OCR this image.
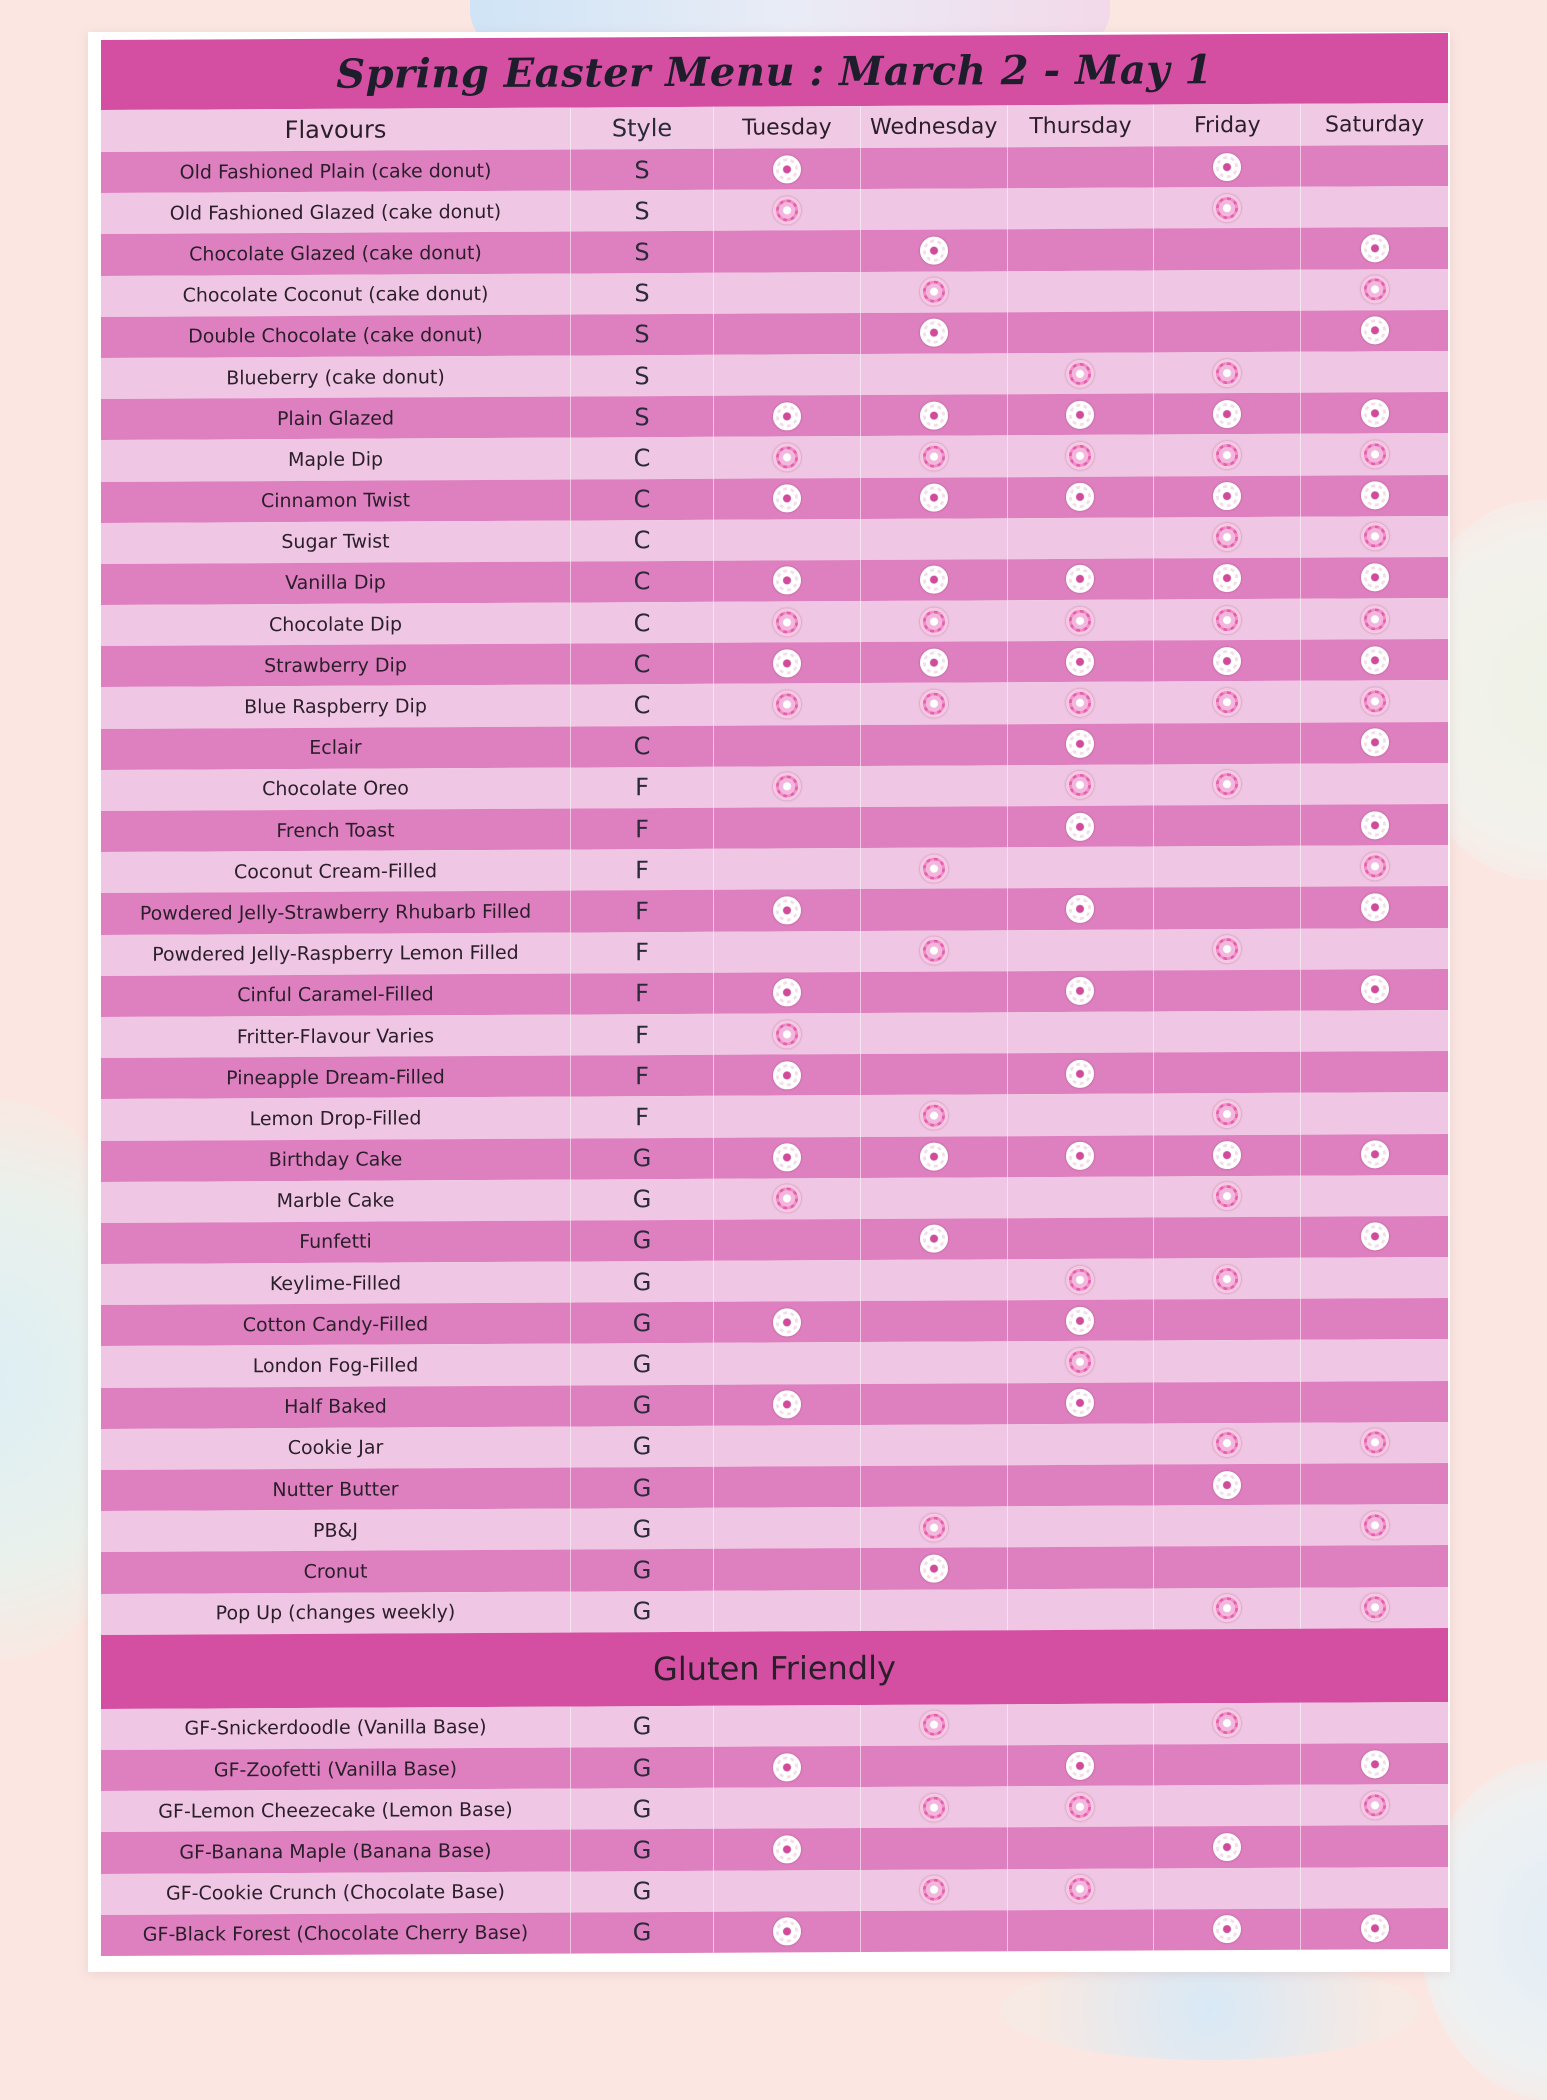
Spring Easter Menu : March 2 - May 1
Flavours	Style	Tuesday	Wednesday	Thursday	Friday	Saturday
Old Fashioned Plain (cake donut)	S
Old Fashioned Glazed (cake donut)	S
Chocolate Glazed (cake donut)	S
Chocolate Coconut (cake donut)	S
Double Chocolate (cake donut)	S
Blueberry (cake donut)	S
Plain Glazed	S
Maple Dip	C
Cinnamon Twist	C
Sugar Twist	C
Vanilla Dip	C
Chocolate Dip	C
Strawberry Dip	C
Blue Raspberry Dip	C
Eclair	C
Chocolate Oreo	F
French Toast	F
Coconut Cream-Filled	F
Powdered Jelly-Strawberry Rhubarb Filled	F
Powdered Jelly-Raspberry Lemon Filled	F
Cinful Caramel-Filled	F
Fritter-Flavour Varies	F
Pineapple Dream-Filled	F
Lemon Drop-Filled	F
Birthday Cake	G
Marble Cake	G
Funfetti	G
Keylime-Filled	G
Cotton Candy-Filled	G
London Fog-Filled	G
Half Baked	G
Cookie Jar	G
Nutter Butter	G
PB&J	G
Cronut	G
Pop Up (changes weekly)	G
Gluten Friendly
GF-Snickerdoodle (Vanilla Base)	G
GF-Zoofetti (Vanilla Base)	G
GF-Lemon Cheezecake (Lemon Base)	G
GF-Banana Maple (Banana Base)	G
GF-Cookie Crunch (Chocolate Base)	G
GF-Black Forest (Chocolate Cherry Base)	G
